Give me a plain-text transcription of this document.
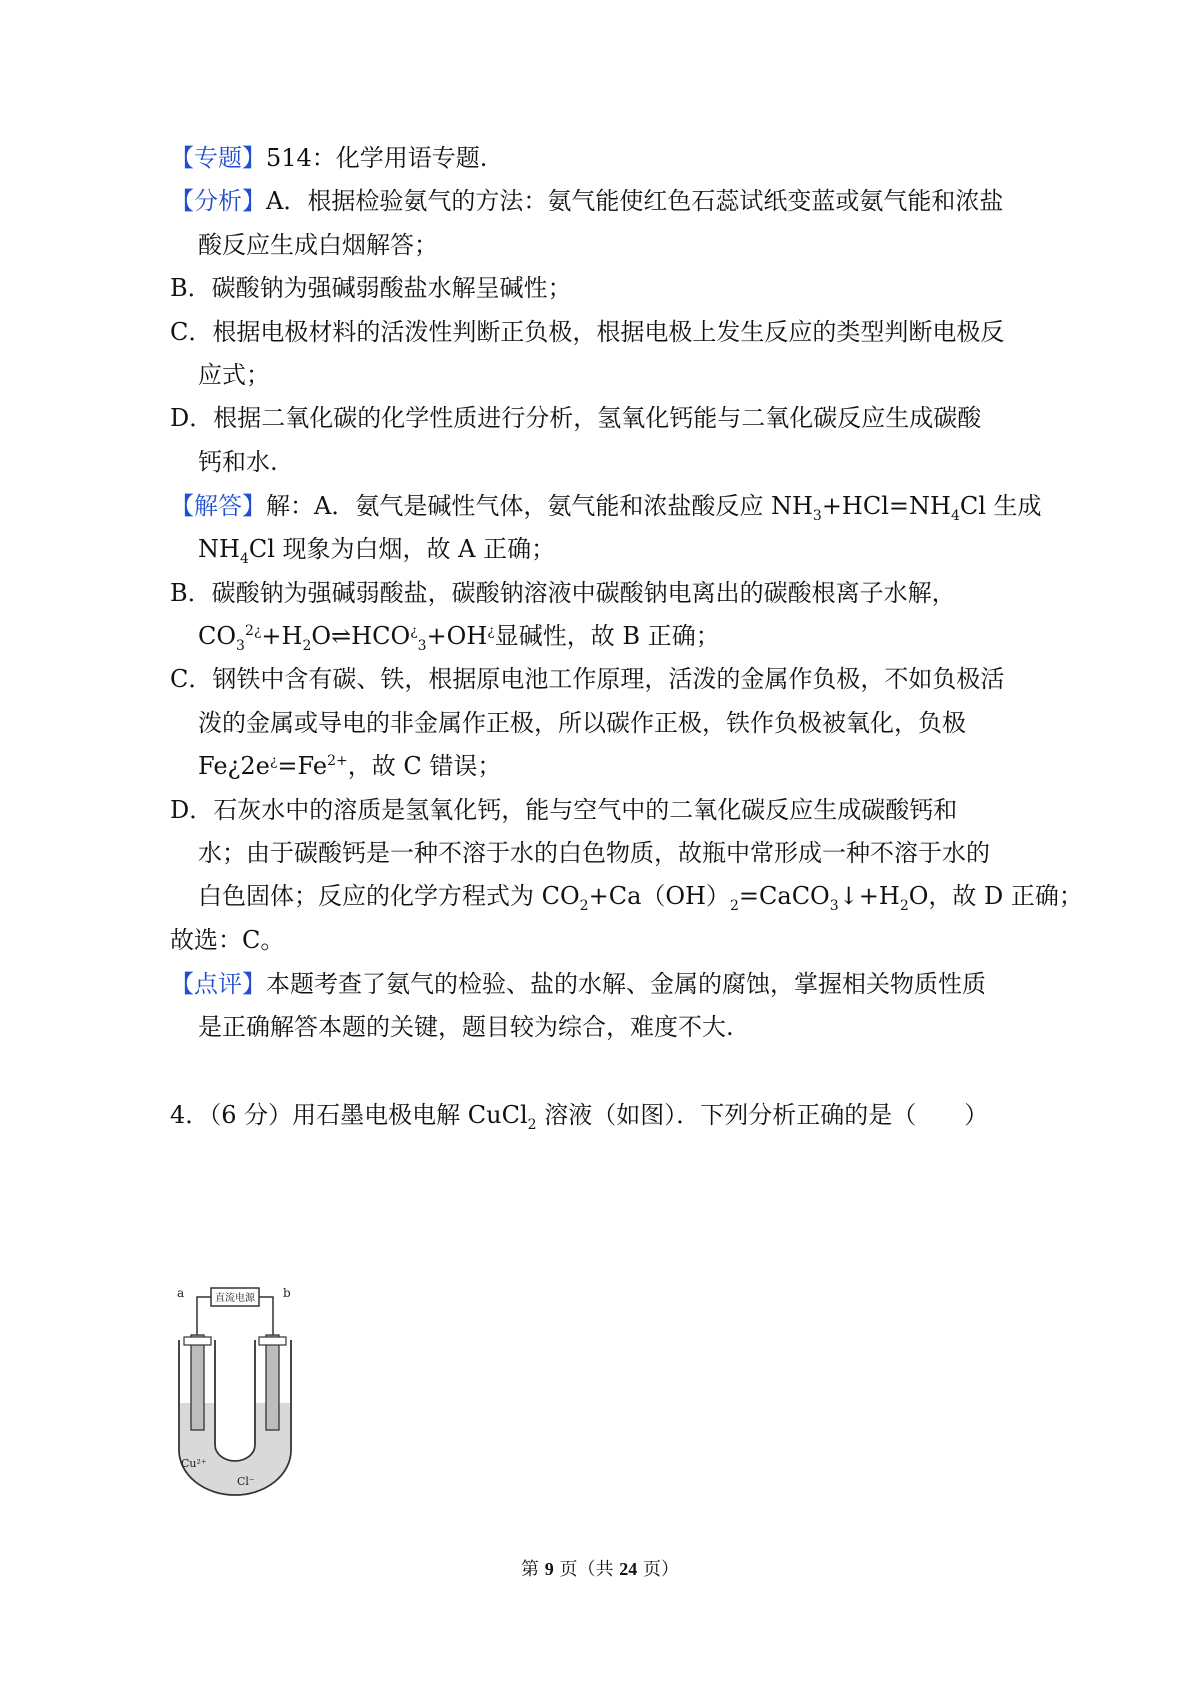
【专题】514：化学用语专题.
【分析】A．根据检验氨气的方法：氨气能使红色石蕊试纸变蓝或氨气能和浓盐
酸反应生成白烟解答；
B．碳酸钠为强碱弱酸盐水解呈碱性；
C．根据电极材料的活泼性判断正负极，根据电极上发生反应的类型判断电极反
应式；
D．根据二氧化碳的化学性质进行分析，氢氧化钙能与二氧化碳反应生成碳酸
钙和水.
【解答】解：A．氨气是碱性气体，氨气能和浓盐酸反应 $NH_3+HCl=NH_4Cl$ 生成
$NH_4Cl$ 现象为白烟，故 A 正确；
B．碳酸钠为强碱弱酸盐，碳酸钠溶液中碳酸钠电离出的碳酸根离子水解，
$CO_3^{2¿}+H_2O\rightleftharpoons HCO^¿_3+OH^¿$显碱性，故 B 正确；
C．钢铁中含有碳、铁，根据原电池工作原理，活泼的金属作负极，不如负极活
泼的金属或导电的非金属作正极，所以碳作正极，铁作负极被氧化，负极
$Fe¿2e^¿=Fe^{2+}$，故 C 错误；
D．石灰水中的溶质是氢氧化钙，能与空气中的二氧化碳反应生成碳酸钙和
水；由于碳酸钙是一种不溶于水的白色物质，故瓶中常形成一种不溶于水的
白色固体；反应的化学方程式为 $CO_2+Ca(OH)_2=CaCO_3↓+H_2O$，故 D 正确；
故选：C。
【点评】本题考查了氨气的检验、盐的水解、金属的腐蚀，掌握相关物质性质
是正确解答本题的关键，题目较为综合，难度不大.
4．（6 分）用石墨电极电解 CuCl$_2$ 溶液（如图）．下列分析正确的是（　　）
直流电源
a	b
Cu²⁺
Cl⁻
第 9 页（共 24 页）
